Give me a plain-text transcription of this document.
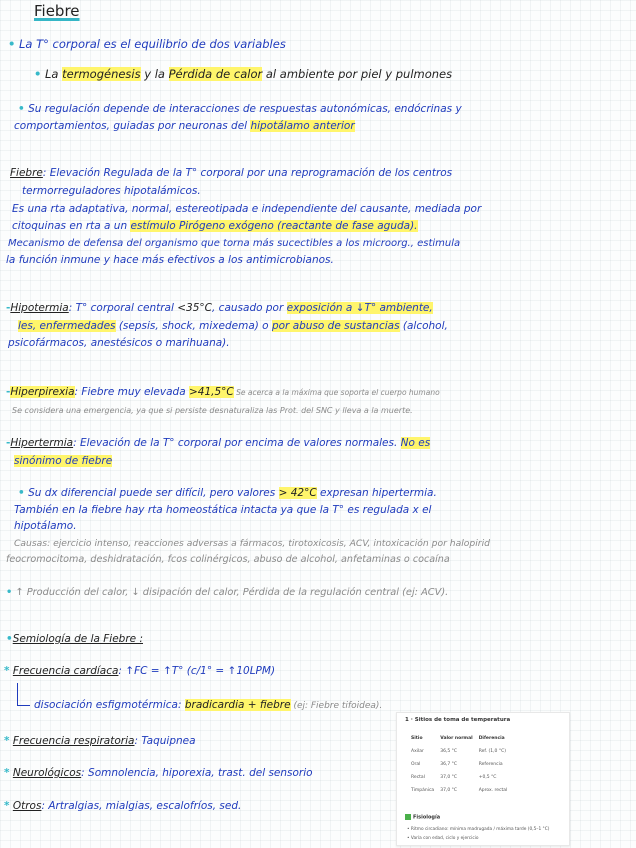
Fiebre
• La T° corporal es el equilibrio de dos variables
• La termogénesis y la Pérdida de calor al ambiente por piel y pulmones
• Su regulación depende de interacciones de respuestas autonómicas, endócrinas y
comportamientos, guiadas por neuronas del hipotálamo anterior
Fiebre: Elevación Regulada de la T° corporal por una reprogramación de los centros
termorreguladores hipotalámicos.
Es una rta adaptativa, normal, estereotipada e independiente del causante, mediada por
citoquinas en rta a un estímulo Pirógeno exógeno (reactante de fase aguda).
Mecanismo de defensa del organismo que torna más sucectibles a los microorg., estimula
la función inmune y hace más efectivos a los antimicrobianos.
-Hipotermia: T° corporal central <35°C, causado por exposición a ↓T° ambiente,
les, enfermedades (sepsis, shock, mixedema) o por abuso de sustancias (alcohol,
psicofármacos, anestésicos o marihuana).
-Hiperpirexia: Fiebre muy elevada >41,5°C Se acerca a la máxima que soporta el cuerpo humano
Se considera una emergencia, ya que si persiste desnaturaliza las Prot. del SNC y lleva a la muerte.
-Hipertermia: Elevación de la T° corporal por encima de valores normales. No es
sinónimo de fiebre
• Su dx diferencial puede ser difícil, pero valores > 42°C expresan hipertermia.
También en la fiebre hay rta homeostática intacta ya que la T° es regulada x el
hipotálamo.
Causas: ejercicio intenso, reacciones adversas a fármacos, tirotoxicosis, ACV, intoxicación por halopirid
feocromocitoma, deshidratación, fcos colinérgicos, abuso de alcohol, anfetaminas o cocaína
• ↑ Producción del calor, ↓ disipación del calor, Pérdida de la regulación central (ej: ACV).
•Semiología de la Fiebre :
* Frecuencia cardíaca: ↑FC = ↑T° (c/1° = ↑10LPM)
disociación esfigmotérmica: bradicardia + fiebre (ej: Fiebre tifoidea).
* Frecuencia respiratoria: Taquipnea
* Neurológicos: Somnolencia, hiporexia, trast. del sensorio
* Otros: Artralgias, mialgias, escalofríos, sed.
1 · Sitios de toma de temperatura
Sitio	Valor normal	Diferencia
Axilar	36,5 °C	Ref. (1,0 °C)
Oral	36,7 °C	Referencia
Rectal	37,0 °C	+0,5 °C
Timpánica	37,0 °C	Aprox. rectal
Fisiología
• Ritmo circadiano: mínima madrugada / máxima tarde (0,5–1 °C)
• Varía con edad, ciclo y ejercicio
